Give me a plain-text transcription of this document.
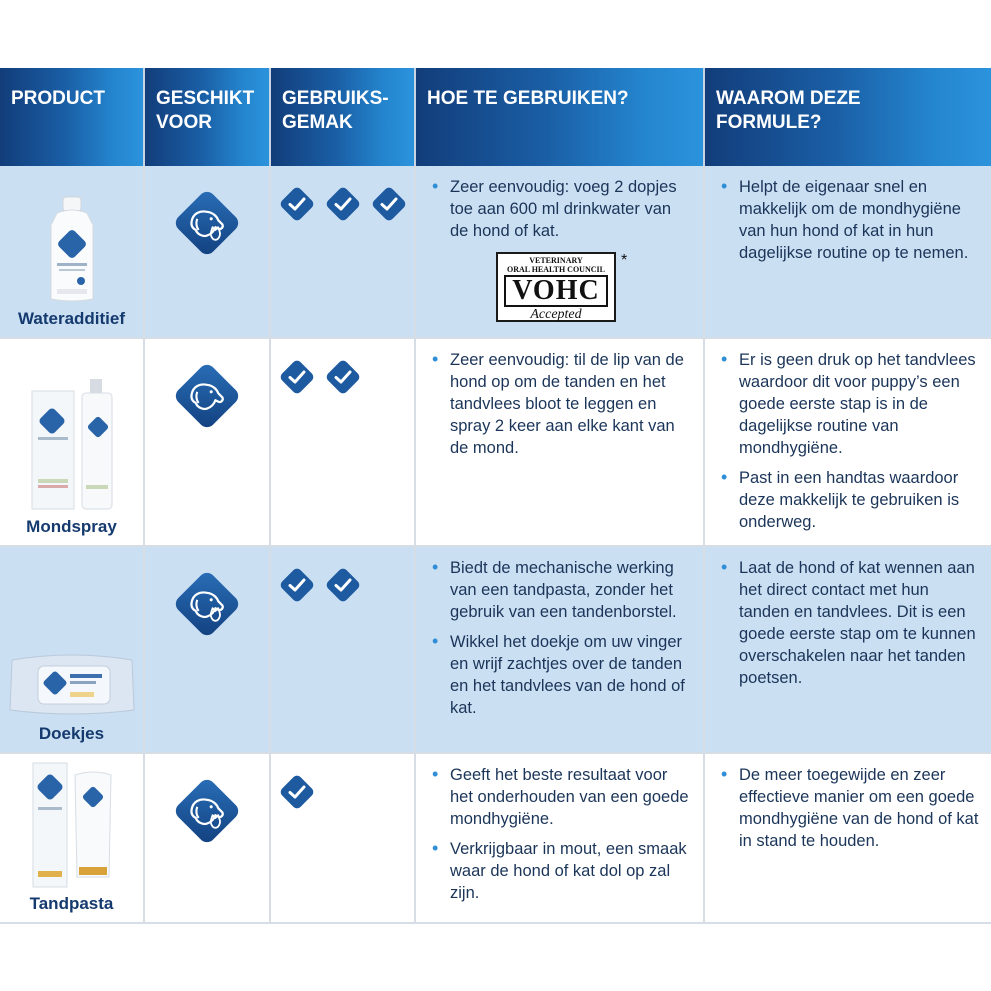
PRODUCT	GESCHIKT
VOOR
GEBRUIKS-
GEMAK
HOE TE GEBRUIKEN?	WAAROM DEZE
FORMULE?
Wateradditief
• Zeer eenvoudig: voeg 2 dopjes toe aan 600 ml drinkwater van de hond of kat.
VETERINARY
ORAL HEALTH COUNCIL
VOHC
Accepted
*
• Helpt de eigenaar snel en makkelijk om de mondhygiëne van hun hond of kat in hun dagelijkse routine op te nemen.
Mondspray
• Zeer eenvoudig: til de lip van de hond op om de tanden en het tandvlees bloot te leggen en spray 2 keer aan elke kant van de mond.
• Er is geen druk op het tandvlees waardoor dit voor puppy’s een goede eerste stap is in de dagelijkse routine van mondhygiëne.
• Past in een handtas waardoor deze makkelijk te gebruiken is onderweg.
Doekjes
• Biedt de mechanische werking van een tandpasta, zonder het gebruik van een tandenborstel.
• Wikkel het doekje om uw vinger en wrijf zachtjes over de tanden en het tandvlees van de hond of kat.
• Laat de hond of kat wennen aan het direct contact met hun tanden en tandvlees. Dit is een goede eerste stap om te kunnen overschakelen naar het tanden poetsen.
Tandpasta
• Geeft het beste resultaat voor het onderhouden van een goede mondhygiëne.
• Verkrijgbaar in mout, een smaak waar de hond of kat dol op zal zijn.
• De meer toegewijde en zeer effectieve manier om een goede mondhygiëne van de hond of kat in stand te houden.
